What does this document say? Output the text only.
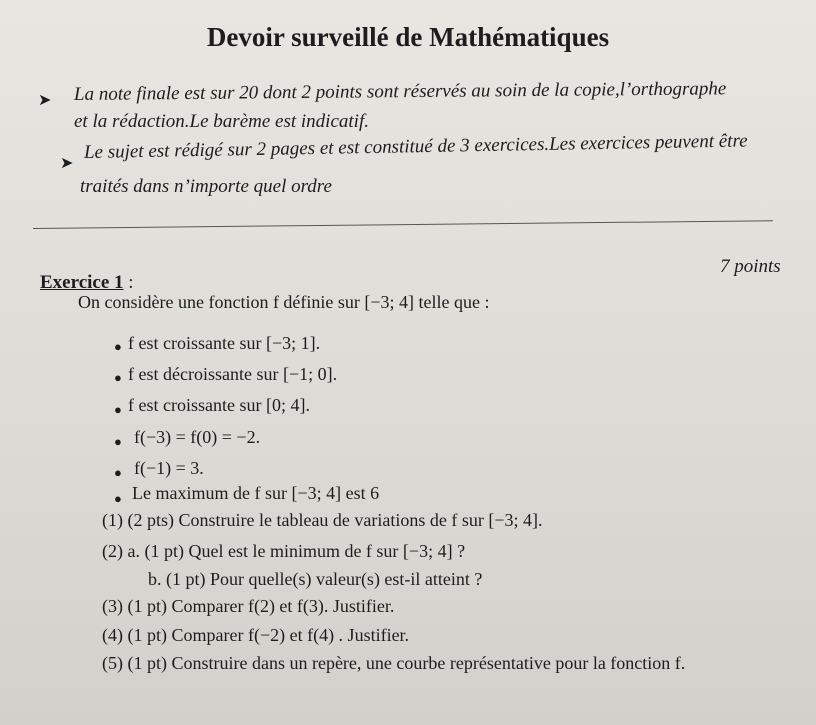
Devoir surveillé de Mathématiques
➤ La note finale est sur 20 dont 2 points sont réservés au soin de la copie,l’orthographe
et la rédaction.Le barème est indicatif.
➤
Le sujet est rédigé sur 2 pages et est constitué de 3 exercices.Les exercices peuvent être
traités dans n’importe quel ordre
Exercice 1 :
7 points
On considère une fonction f définie sur [−3; 4] telle que :
● f est croissante sur [−3; 1].
● f est décroissante sur [−1; 0].
● f est croissante sur [0; 4].
● f(−3) = f(0) = −2.
● f(−1) = 3.
● Le maximum de f sur [−3; 4] est 6
(1) (2 pts) Construire le tableau de variations de f sur [−3; 4].
(2) a. (1 pt) Quel est le minimum de f sur [−3; 4] ?
b. (1 pt) Pour quelle(s) valeur(s) est-il atteint ?
(3) (1 pt) Comparer f(2) et f(3). Justifier.
(4) (1 pt) Comparer f(−2) et f(4) . Justifier.
(5) (1 pt) Construire dans un repère, une courbe représentative pour la fonction f.
